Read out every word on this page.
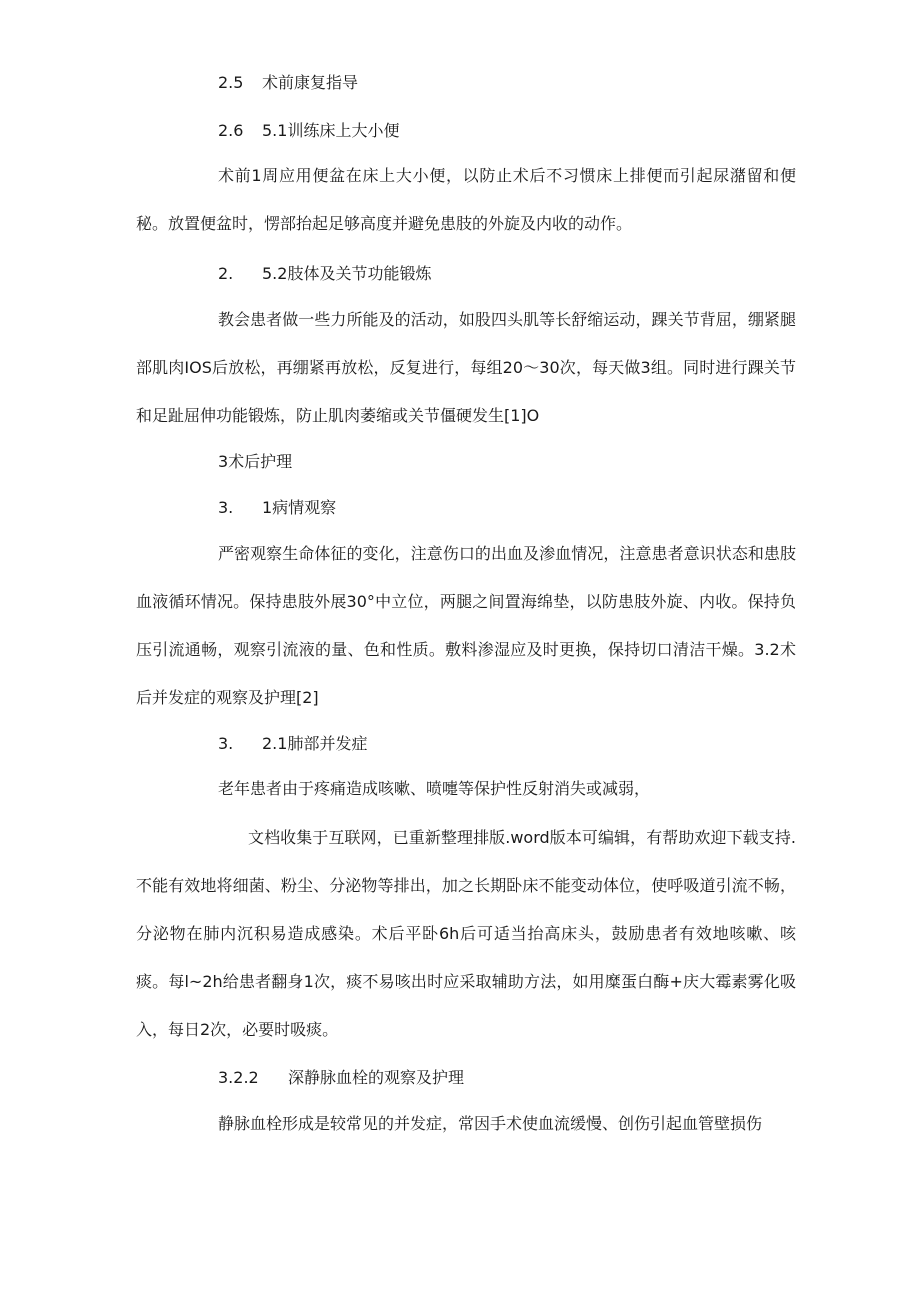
2.5 术前康复指导
2.6 5.1训练床上大小便

术前1周应用便盆在床上大小便，以防止术后不习惯床上排便而引起尿潴留和便秘。放置便盆时，愣部抬起足够高度并避免患肢的外旋及内收的动作。

2. 5.2肢体及关节功能锻炼

教会患者做一些力所能及的活动，如股四头肌等长舒缩运动，踝关节背屈，绷紧腿部肌肉IOS后放松，再绷紧再放松，反复进行，每组20〜30次，每天做3组。同时进行踝关节和足趾屈伸功能锻炼，防止肌肉萎缩或关节僵硬发生[1]O

3术后护理
3. 1病情观察

严密观察生命体征的变化，注意伤口的出血及渗血情况，注意患者意识状态和患肢血液循环情况。保持患肢外展30°中立位，两腿之间置海绵垫，以防患肢外旋、内收。保持负压引流通畅，观察引流液的量、色和性质。敷料渗湿应及时更换，保持切口清洁干燥。3.2术后并发症的观察及护理[2]

3. 2.1肺部并发症

老年患者由于疼痛造成咳嗽、喷嚏等保护性反射消失或减弱，

文档收集于互联网，已重新整理排版.word版本可编辑，有帮助欢迎下载支持.不能有效地将细菌、粉尘、分泌物等排出，加之长期卧床不能变动体位，使呼吸道引流不畅，分泌物在肺内沉积易造成感染。术后平卧6h后可适当抬高床头，鼓励患者有效地咳嗽、咳痰。每l~2h给患者翻身1次，痰不易咳出时应采取辅助方法，如用糜蛋白酶+庆大霉素雾化吸入，每日2次，必要时吸痰。

3.2.2 深静脉血栓的观察及护理

静脉血栓形成是较常见的并发症，常因手术使血流缓慢、创伤引起血管壁损伤
